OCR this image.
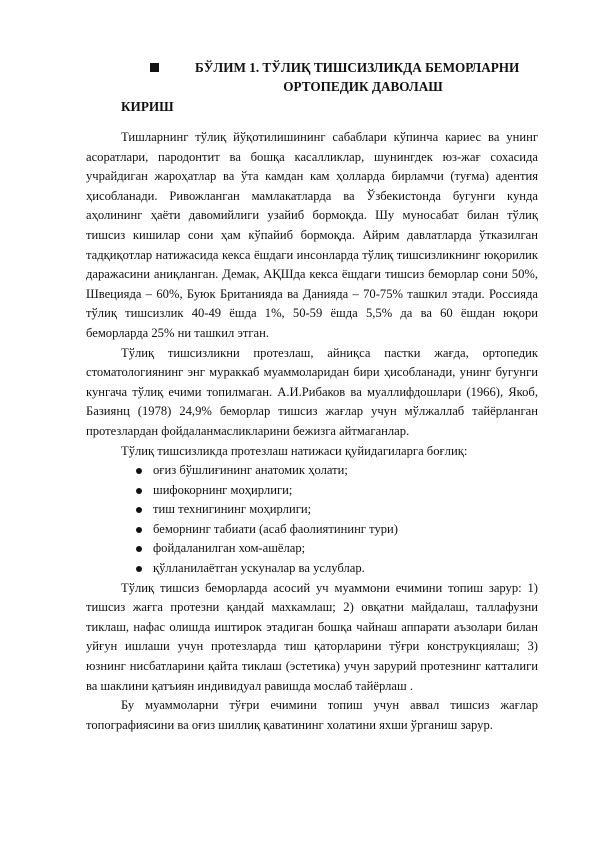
БЎЛИМ 1. ТЎЛИҚ ТИШСИЗЛИКДА БЕМОРЛАРНИ
ОРТОПЕДИК ДАВОЛАШ
КИРИШ

Тишларнинг тўлиқ йўқотилишининг сабаблари кўпинча кариес ва унинг асоратлари, пародонтит ва бошқа касалликлар, шунингдек юз-жағ сохасида учрайдиган жароҳатлар ва ўта камдан кам ҳолларда бирламчи (туғма) адентия ҳисобланади. Ривожланган мамлакатларда ва Ўзбекистонда бугунги кунда аҳолининг ҳаёти давомийлиги узайиб бормоқда. Шу муносабат билан тўлиқ тишсиз кишилар сони ҳам кўпайиб бормоқда. Айрим давлатларда ўтказилган тадқиқотлар натижасида кекса ёшдаги инсонларда тўлиқ тишсизликнинг юқорилик даражасини аниқланган. Демак, АҚШда кекса ёшдаги тишсиз беморлар сони 50%, Швецияда – 60%, Буюк Британияда ва Данияда – 70-75% ташкил этади. Россияда тўлиқ тишсизлик 40-49 ёшда 1%, 50-59 ёшда 5,5% да ва 60 ёшдан юқори беморларда 25% ни ташкил этган.

Тўлиқ тишсизликни протезлаш, айниқса пастки жағда, ортопедик стоматологиянинг энг мураккаб муаммоларидан бири ҳисобланади, унинг бугунги кунгача тўлиқ ечими топилмаган. А.И.Рибаков ва муаллифдошлари (1966), Якоб, Базиянц (1978) 24,9% беморлар тишсиз жағлар учун мўлжаллаб тайёрланган протезлардан фойдаланмасликларини бежизга айтмаганлар.

Тўлиқ тишсизликда протезлаш натижаси қуйидагиларга боғлиқ:

оғиз бўшлиғининг анатомик ҳолати;
шифокорнинг моҳирлиги;
тиш технигининг моҳирлиги;
беморнинг табиати (асаб фаолиятининг тури)
фойдаланилган хом-ашёлар;
қўлланилаётган ускуналар ва услублар.

Тўлиқ тишсиз беморларда асосий уч муаммони ечимини топиш зарур: 1) тишсиз жағга протезни қандай махкамлаш; 2) овқатни майдалаш, таллафузни тиклаш, нафас олишда иштирок этадиган бошқа чайнаш аппарати аъзолари билан уйғун ишлаши учун протезларда тиш қаторларини тўғри конструкциялаш; 3) юзнинг нисбатларини қайта тиклаш (эстетика) учун зарурий протезнинг катталиги ва шаклини қатъиян индивидуал равишда мослаб тайёрлаш .

Бу муаммоларни тўғри ечимини топиш учун аввал тишсиз жағлар топографиясини ва оғиз шиллиқ қаватининг холатини яхши ўрганиш зарур.
